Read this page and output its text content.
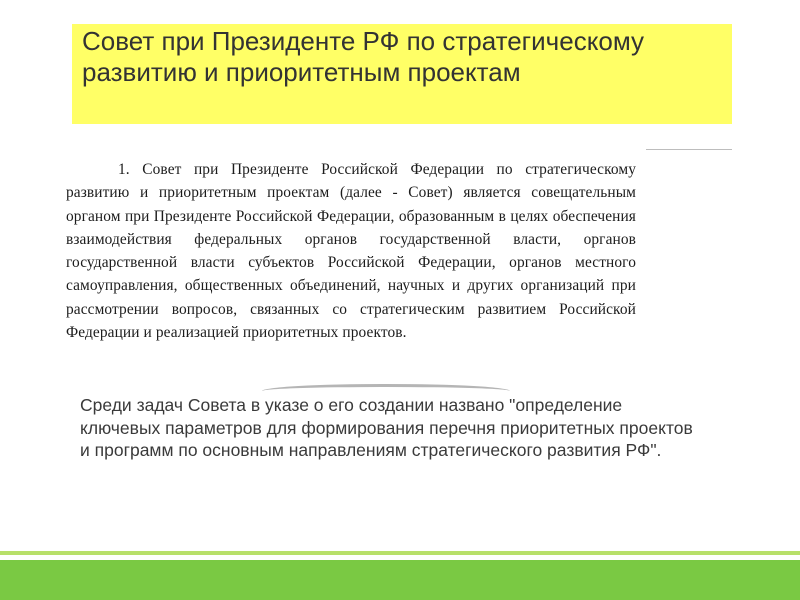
Совет при Президенте РФ по стратегическому развитию и приоритетным проектам

1. Совет при Президенте Российской Федерации по стратегическому развитию и приоритетным проектам (далее - Совет) является совещательным органом при Президенте Российской Федерации, образованным в целях обеспечения взаимодействия федеральных органов государственной власти, органов государственной власти субъектов Российской Федерации, органов местного самоуправления, общественных объединений, научных и других организаций при рассмотрении вопросов, связанных со стратегическим развитием Российской Федерации и реализацией приоритетных проектов.

Среди задач Совета в указе о его создании названо "определение ключевых параметров для формирования перечня приоритетных проектов и программ по основным направлениям стратегического развития РФ".
